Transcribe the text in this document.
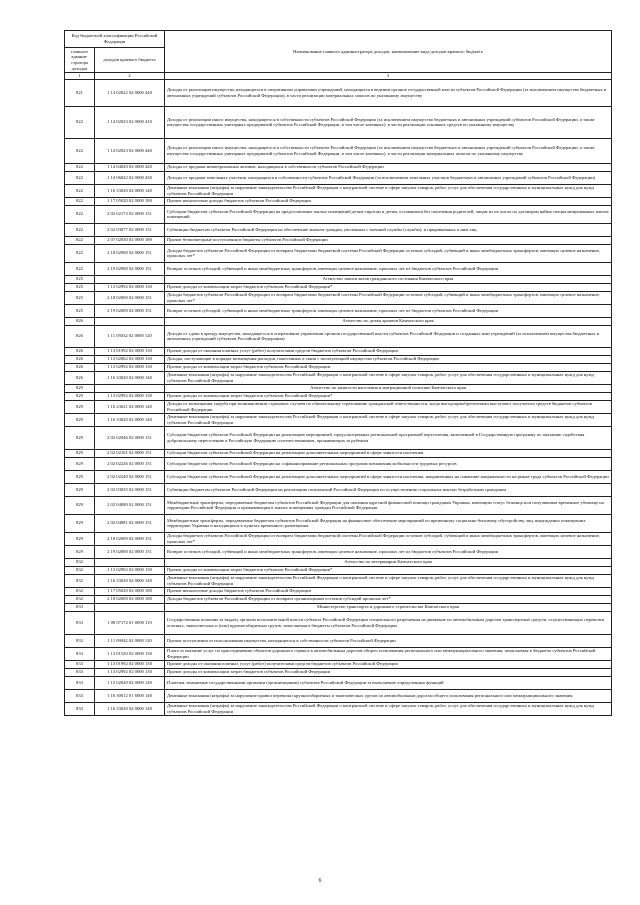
Код бюджетной классификации Российской Федерации		Наименование главного администратора доходов, наименование вида доходов краевого бюджета
главного админи-стратора доходов	доходов краевого бюджета	
1	2	3
821	1 14 02022 02 0000 440	Доходы от реализации имущества, находящегося в оперативном управлении учреждений, находящихся в ведении органов государственной власти субъектов Российской Федерации (за исключением имущества бюджетных и автономных учреждений субъектов Российской Федерации), в части реализации материальных запасов по указанному имуществу
822	1 14 02023 02 0000 410	Доходы от реализации иного имущества, находящегося в собственности субъектов Российской Федерации (за исключением имущества бюджетных и автономных учреждений субъектов Российской Федерации, а также имущества государственных унитарных предприятий субъектов Российской Федерации, в том числе казенных), в части реализации основных средств по указанному имуществу
822	1 14 02023 02 0000 440	Доходы от реализации иного имущества, находящегося в собственности субъектов Российской Федерации (за исключением имущества бюджетных и автономных учреждений субъектов Российской Федерации, а также имущества государственных унитарных предприятий субъектов Российской Федерации, в том числе казенных), в части реализации материальных запасов по указанному имуществу
822	1 14 04020 02 0000 420	Доходы от продажи нематериальных активов, находящихся в собственности субъектов Российской Федерации
822	1 14 06022 02 0000 430	Доходы от продажи земельных участков, находящихся в собственности субъектов Российской Федерации (за исключением земельных участков бюджетных и автономных учреждений субъектов Российской Федерации)
822	1 16 33020 02 0000 140	Денежные взыскания (штрафы) за нарушение законодательства Российской Федерации о контрактной системе в сфере закупок товаров, работ, услуг для обеспечения государственных и муниципальных нужд для нужд субъектов Российской Федерации
822	1 17 05020 02 0000 180	Прочие неналоговые доходы бюджетов субъектов Российской Федерации
822	2 02 02173 02 0000 151	Субсидии бюджетам субъектов Российской Федерации на предоставление жилых помещений детям-сиротам и детям, оставшимся без попечения родителей, лицам из их числа по договорам найма специализированных жилых помещений
822	2 02 03077 02 0000 151	Субвенции бюджетам субъектов Российской Федерации на обеспечение жильем граждан, уволенных с военной службы (службы), и приравненных к ним лиц
822	2 07 02030 02 0000 180	Прочие безвозмездные поступления в бюджеты субъектов Российской Федерации
822	2 18 02000 02 0000 151	Доходы бюджетов субъектов Российской Федерации от возврата бюджетами бюджетной системы Российской Федерации остатков субсидий, субвенций и иных межбюджетных трансфертов, имеющих целевое назначение, прошлых лет*
822	2 19 02000 02 0000 151	Возврат остатков субсидий, субвенций и иных межбюджетных трансфертов, имеющих целевое назначение, прошлых лет из бюджетов субъектов Российской Федерации
825		Агентство записи актов гражданского состояния Камчатского края
825	1 13 02992 02 0000 130	Прочие доходы от компенсации затрат бюджетов субъектов Российской Федерации*
825	2 18 02000 02 0000 151	Доходы бюджетов субъектов Российской Федерации от возврата бюджетами бюджетной системы Российской Федерации остатков субсидий, субвенций и иных межбюджетных трансфертов, имеющих целевое назначение, прошлых лет*
825	2 19 02000 02 0000 151	Возврат остатков субсидий, субвенций и иных межбюджетных трансфертов, имеющих целевое назначение, прошлых лет из бюджетов субъектов Российской Федерации
826		Агентство по делам архивов Камчатского края
826	1 11 05032 02 0000 120	Доходы от сдачи в аренду имущества, находящегося в оперативном управлении органов государственной власти субъектов Российской Федерации и созданных ими учреждений (за исключением имущества бюджетных и автономных учреждений субъектов Российской Федерации)
826	1 13 01992 02 0000 130	Прочие доходы от оказания платных услуг (работ) получателями средств бюджетов субъектов Российской Федерации
826	1 13 02062 02 0000 130	Доходы, поступающие в порядке возмещения расходов, понесенных в связи с эксплуатацией имущества субъектов Российской Федерации
826	1 13 02992 02 0000 130	Прочие доходы от компенсации затрат бюджетов субъектов Российской Федерации
826	1 16 33020 02 0000 140	Денежные взыскания (штрафы) за нарушение законодательства Российской Федерации о контрактной системе в сфере закупок товаров, работ, услуг для обеспечения государственных и муниципальных нужд для нужд субъектов Российской Федерации
829		Агентство по занятости населения и миграционной политике Камчатского края
829	1 13 02992 02 0000 130	Прочие доходы от компенсации затрат бюджетов субъектов Российской Федерации*
829	1 16 23021 02 0000 140	Доходы от возмещения ущерба при возникновении страховых случаев по обязательному страхованию гражданской ответственности, когда выгодоприобретателями выступают получатели средств бюджетов субъектов Российской Федерации
829	1 16 33020 02 0000 140	Денежные взыскания (штрафы) за нарушение законодательства Российской Федерации о контрактной системе в сфере закупок товаров, работ, услуг для обеспечения государственных и муниципальных нужд для нужд субъектов Российской Федерации
829	2 02 02046 02 0000 151	Субсидии бюджетам субъектов Российской Федерации на реализацию мероприятий, предусмотренных региональной программой переселения, включенной в Государственную программу по оказанию содействия добровольному переселению в Российскую Федерацию соотечественников, проживающих за рубежом
829	2 02 02101 02 0000 151	Субсидии бюджетам субъектов Российской Федерации на реализацию дополнительных мероприятий в сфере занятости населения
829	2 02 02226 02 0000 151	Субсидии бюджетам субъектов Российской Федерации на софинансирование региональных программ повышения мобильности трудовых ресурсов
829	2 02 02240 02 0000 151	Субсидии бюджетам субъектов Российской Федерации на реализацию дополнительных мероприятий в сфере занятости населения, направленных на снижение напряженности на рынке труда субъектов Российской Федерации
829	2 02 03035 02 0000 151	Субвенции бюджетам субъектов Российской Федерации на реализацию полномочий Российской Федерации по осуществлению социальных выплат безработным гражданам
829	2 02 04080 02 0000 151	Межбюджетные трансферты, передаваемые бюджетам субъектов Российской Федерации для оказания адресной финансовой помощи гражданам Украины, имеющим статус беженца или получившим временное убежище на территории Российской Федерации и проживающим в жилых помещениях граждан Российской Федерации
829	2 02 04081 02 0000 151	Межбюджетные трансферты, передаваемые бюджетам субъектов Российской Федерации на финансовое обеспечение мероприятий по временному социально-бытовому обустройству лиц, вынужденно покинувших территорию Украины и находящихся в пунктах временного размещения
829	2 18 02000 02 0000 151	Доходы бюджетов субъектов Российской Федерации от возврата бюджетами бюджетной системы Российской Федерации остатков субсидий, субвенций и иных межбюджетных трансфертов, имеющих целевое назначение, прошлых лет*
829	2 19 02000 02 0000 151	Возврат остатков субсидий, субвенций и иных межбюджетных трансфертов, имеющих целевое назначение, прошлых лет из бюджетов субъектов Российской Федерации
832		Агентство по ветеринарии Камчатского края
832	1 13 02992 02 0000 130	Прочие доходы от компенсации затрат бюджетов субъектов Российской Федерации*
832	1 16 33020 02 0000 140	Денежные взыскания (штрафы) за нарушение законодательства Российской Федерации о контрактной системе в сфере закупок товаров, работ, услуг для обеспечения государственных и муниципальных нужд для нужд субъектов Российской Федерации
832	1 17 05020 02 0000 180	Прочие неналоговые доходы бюджетов субъектов Российской Федерации
832	2 18 02000 02 0000 180	Доходы бюджетов субъектов Российской Федерации от возврата организациями остатков субсидий прошлых лет*
833		Министерство транспорта и дорожного строительства Камчатского края
833	1 08 07172 01 0000 110	Государственная пошлина за выдачу органом исполнительной власти субъекта Российской Федерации специального разрешения на движение по автомобильным дорогам транспортных средств, осуществляющих перевозки опасных, тяжеловесных и (или) крупногабаритных грузов, зачисляемая в бюджеты субъектов Российской Федерации
833	1 11 09042 02 0000 120	Прочие поступления от использования имущества, находящегося в собственности субъектов Российской Федерации
833	1 13 01520 02 0000 130	Плата за оказание услуг по присоединению объектов дорожного сервиса к автомобильным дорогам общего пользования регионального или межмуниципального значения, зачисляемая в бюджеты субъектов Российской Федерации
833	1 13 01992 02 0000 130	Прочие доходы от оказания платных услуг (работ) получателями средств бюджетов субъектов Российской Федерации
833	1 13 02992 02 0000 130	Прочие доходы от компенсации затрат бюджетов субъектов Российской Федерации
833	1 15 02020 02 0000 140	Платежи, взимаемые государственными органами (организациями) субъектов Российской Федерации за выполнение определенных функций
833	1 16 30012 01 6000 140	Денежные взыскания (штрафы) за нарушение правил перевозки крупногабаритных и тяжеловесных грузов по автомобильным дорогам общего пользования регионального или межмуниципального значения
833	1 16 33020 02 0000 140	Денежные взыскания (штрафы) за нарушение законодательства Российской Федерации о контрактной системе в сфере закупок товаров, работ, услуг для обеспечения государственных и муниципальных нужд для нужд субъектов Российской Федерации
6
